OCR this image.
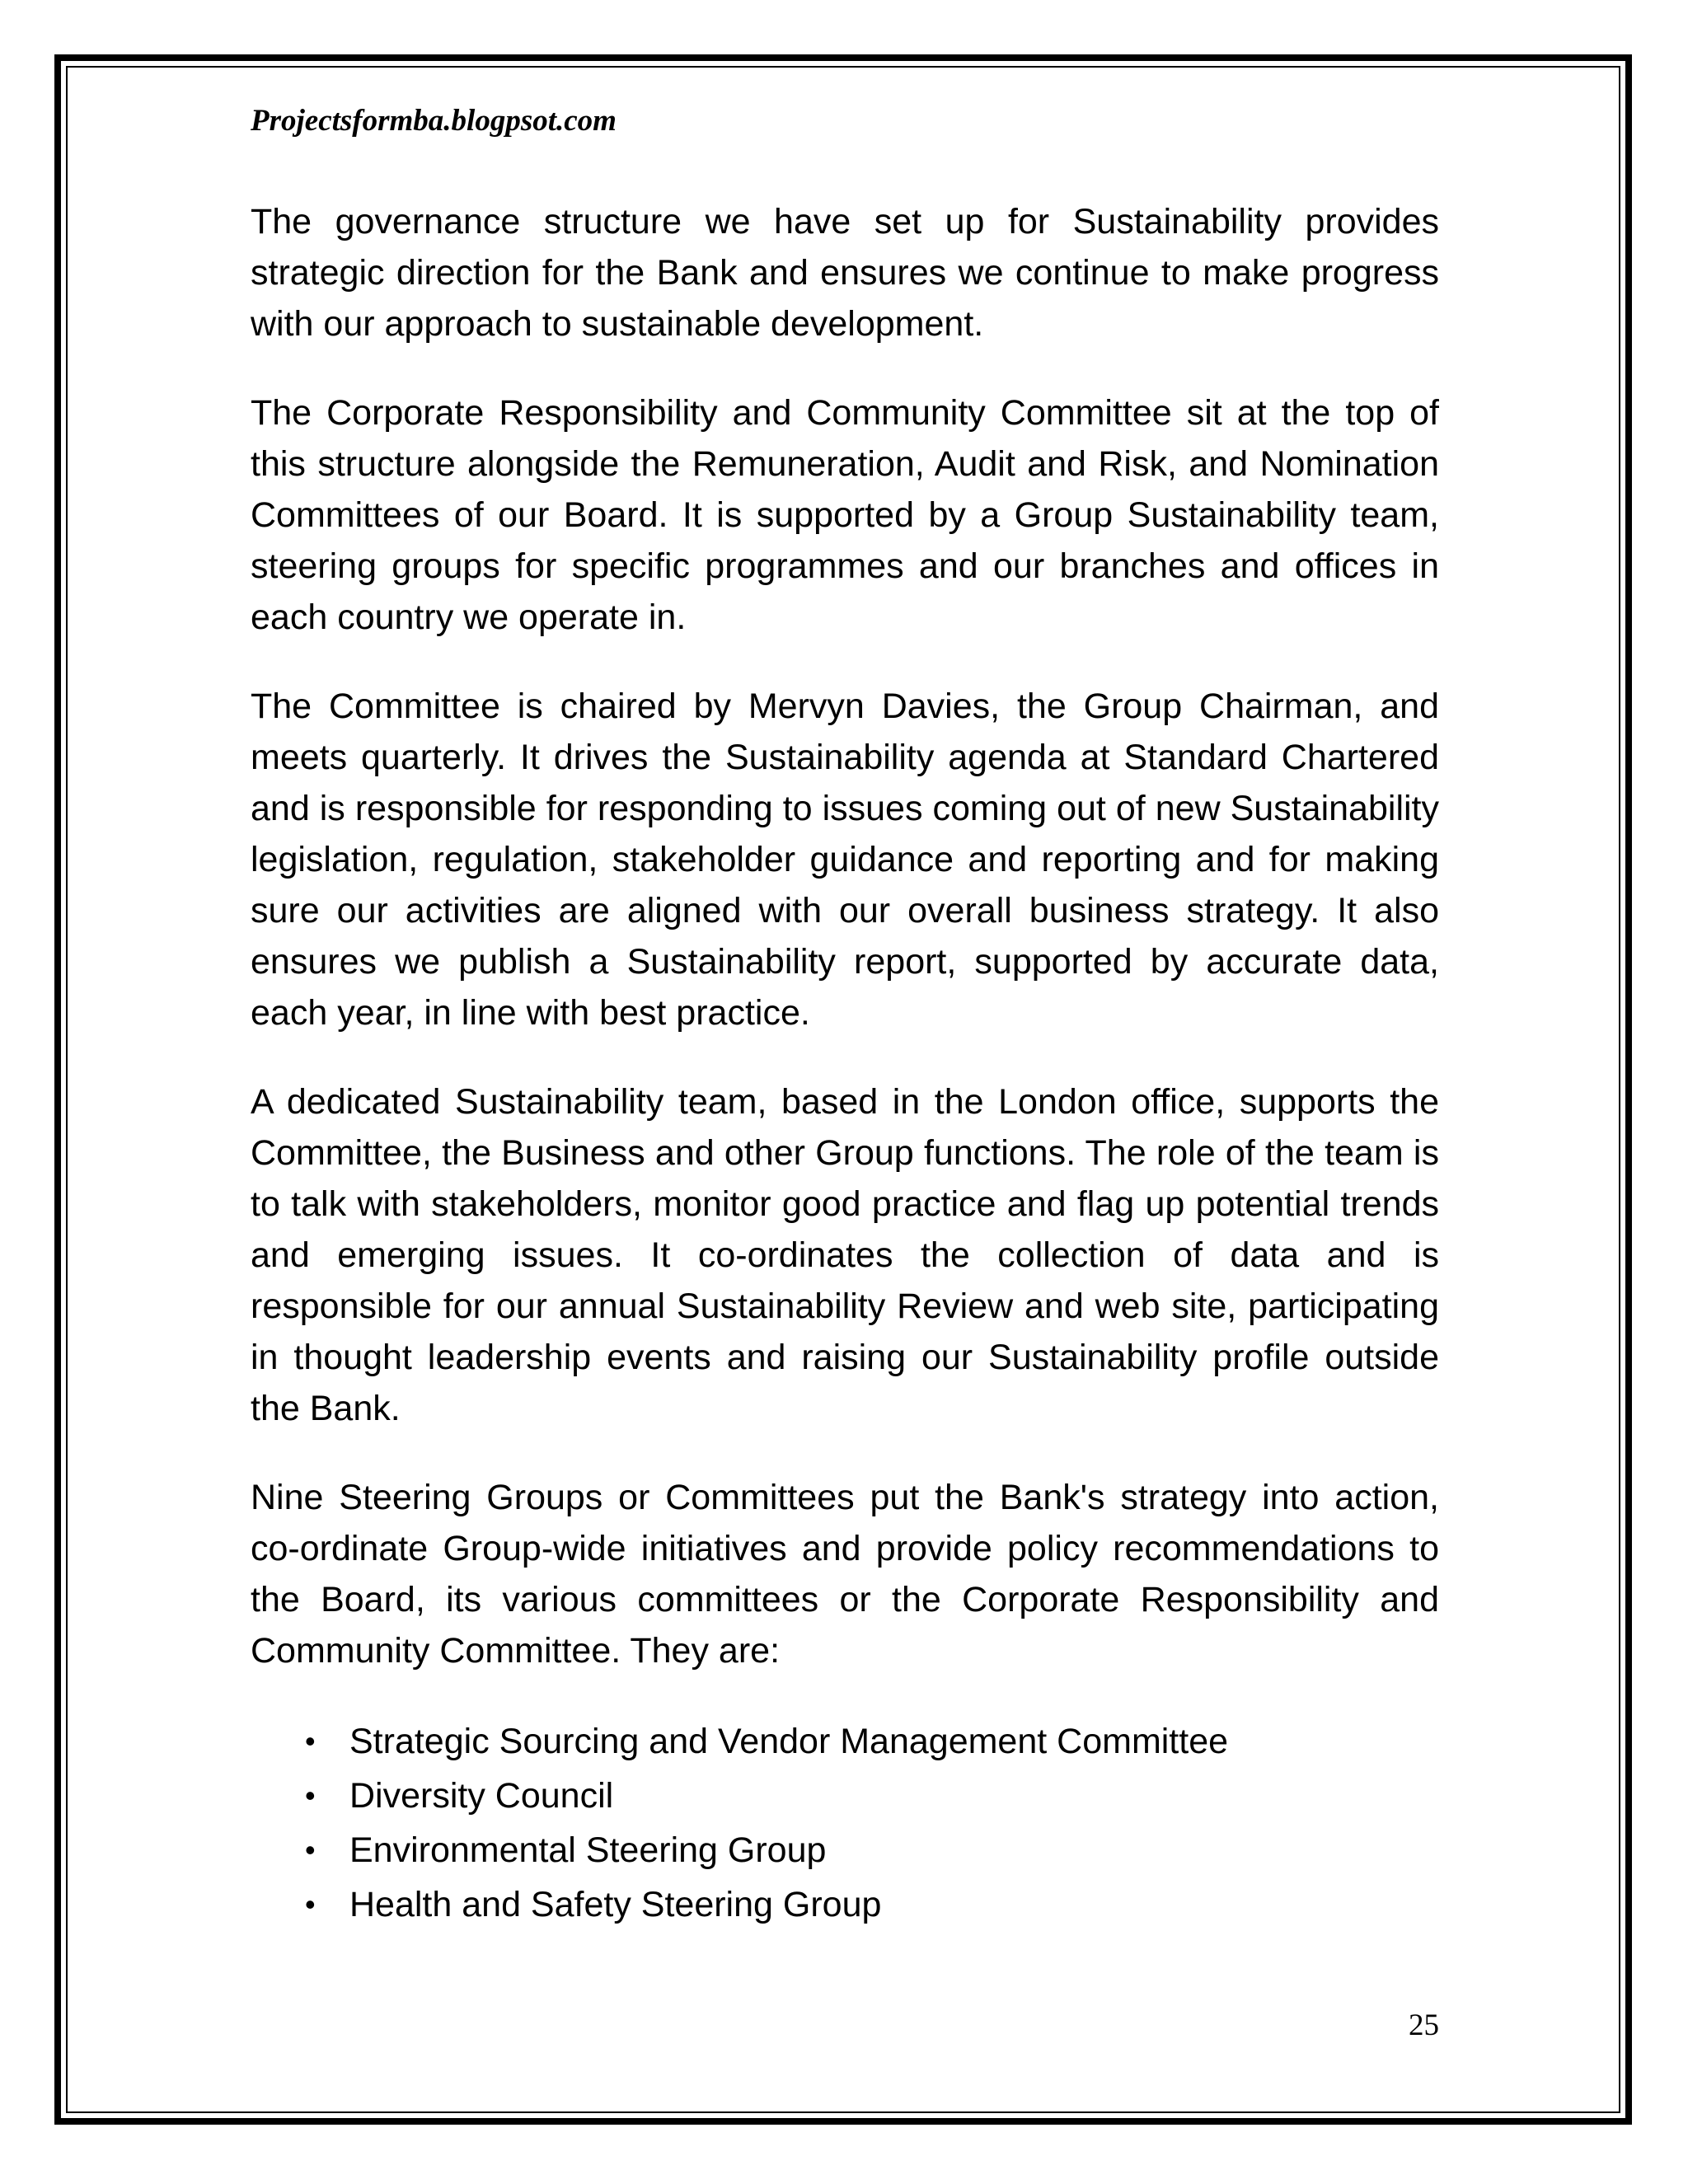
Projectsformba.blogpsot.com

The governance structure we have set up for Sustainability provides strategic direction for the Bank and ensures we continue to make progress with our approach to sustainable development.

The Corporate Responsibility and Community Committee sit at the top of this structure alongside the Remuneration, Audit and Risk, and Nomination Committees of our Board. It is supported by a Group Sustainability team, steering groups for specific programmes and our branches and offices in each country we operate in.

The Committee is chaired by Mervyn Davies, the Group Chairman, and meets quarterly. It drives the Sustainability agenda at Standard Chartered and is responsible for responding to issues coming out of new Sustainability legislation, regulation, stakeholder guidance and reporting and for making sure our activities are aligned with our overall business strategy. It also ensures we publish a Sustainability report, supported by accurate data, each year, in line with best practice.

A dedicated Sustainability team, based in the London office, supports the Committee, the Business and other Group functions. The role of the team is to talk with stakeholders, monitor good practice and flag up potential trends and emerging issues. It co-ordinates the collection of data and is responsible for our annual Sustainability Review and web site, participating in thought leadership events and raising our Sustainability profile outside the Bank.

Nine Steering Groups or Committees put the Bank's strategy into action, co-ordinate Group-wide initiatives and provide policy recommendations to the Board, its various committees or the Corporate Responsibility and Community Committee. They are:

• Strategic Sourcing and Vendor Management Committee
• Diversity Council
• Environmental Steering Group
• Health and Safety Steering Group
25
